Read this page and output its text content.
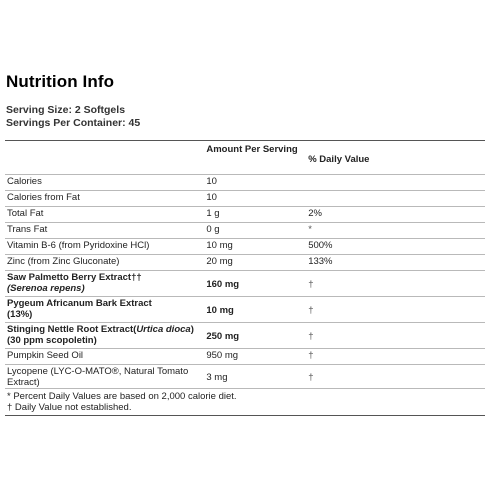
Nutrition Info
Serving Size: 2 Softgels
Servings Per Container: 45
	Amount Per Serving	% Daily Value
Calories	10	
Calories from Fat	10	
Total Fat	1 g	2%
Trans Fat	0 g	*
Vitamin B-6 (from Pyridoxine HCl)	10 mg	500%
Zinc (from Zinc Gluconate)	20 mg	133%
Saw Palmetto Berry Extract††
(Serenoa repens)	160 mg	†
Pygeum Africanum Bark Extract
(13%)	10 mg	†
Stinging Nettle Root Extract(Urtica dioca)(30 ppm scopoletin)	250 mg	†
Pumpkin Seed Oil	950 mg	†
Lycopene (LYC-O-MATO®, Natural Tomato Extract)	3 mg	†

* Percent Daily Values are based on 2,000 calorie diet.
† Daily Value not established.		
